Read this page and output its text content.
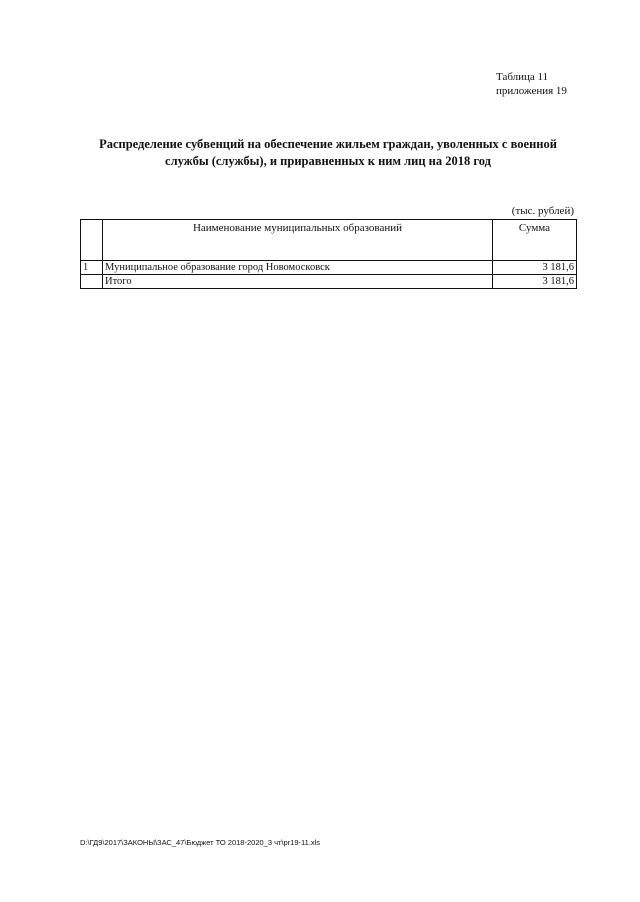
Таблица 11
приложения 19
Распределение субвенций на обеспечение жильем граждан, уволенных с военной
службы (службы), и приравненных к ним лиц на 2018 год
(тыс. рублей)
	Наименование муниципальных образований	Сумма
1	Муниципальное образование город Новомосковск	3 181,6
	Итого	3 181,6
D:\ГД9\2017\ЗАКОНЫ\ЗАС_47\Бюджет ТО 2018-2020_3 чт\pr19-11.xls
